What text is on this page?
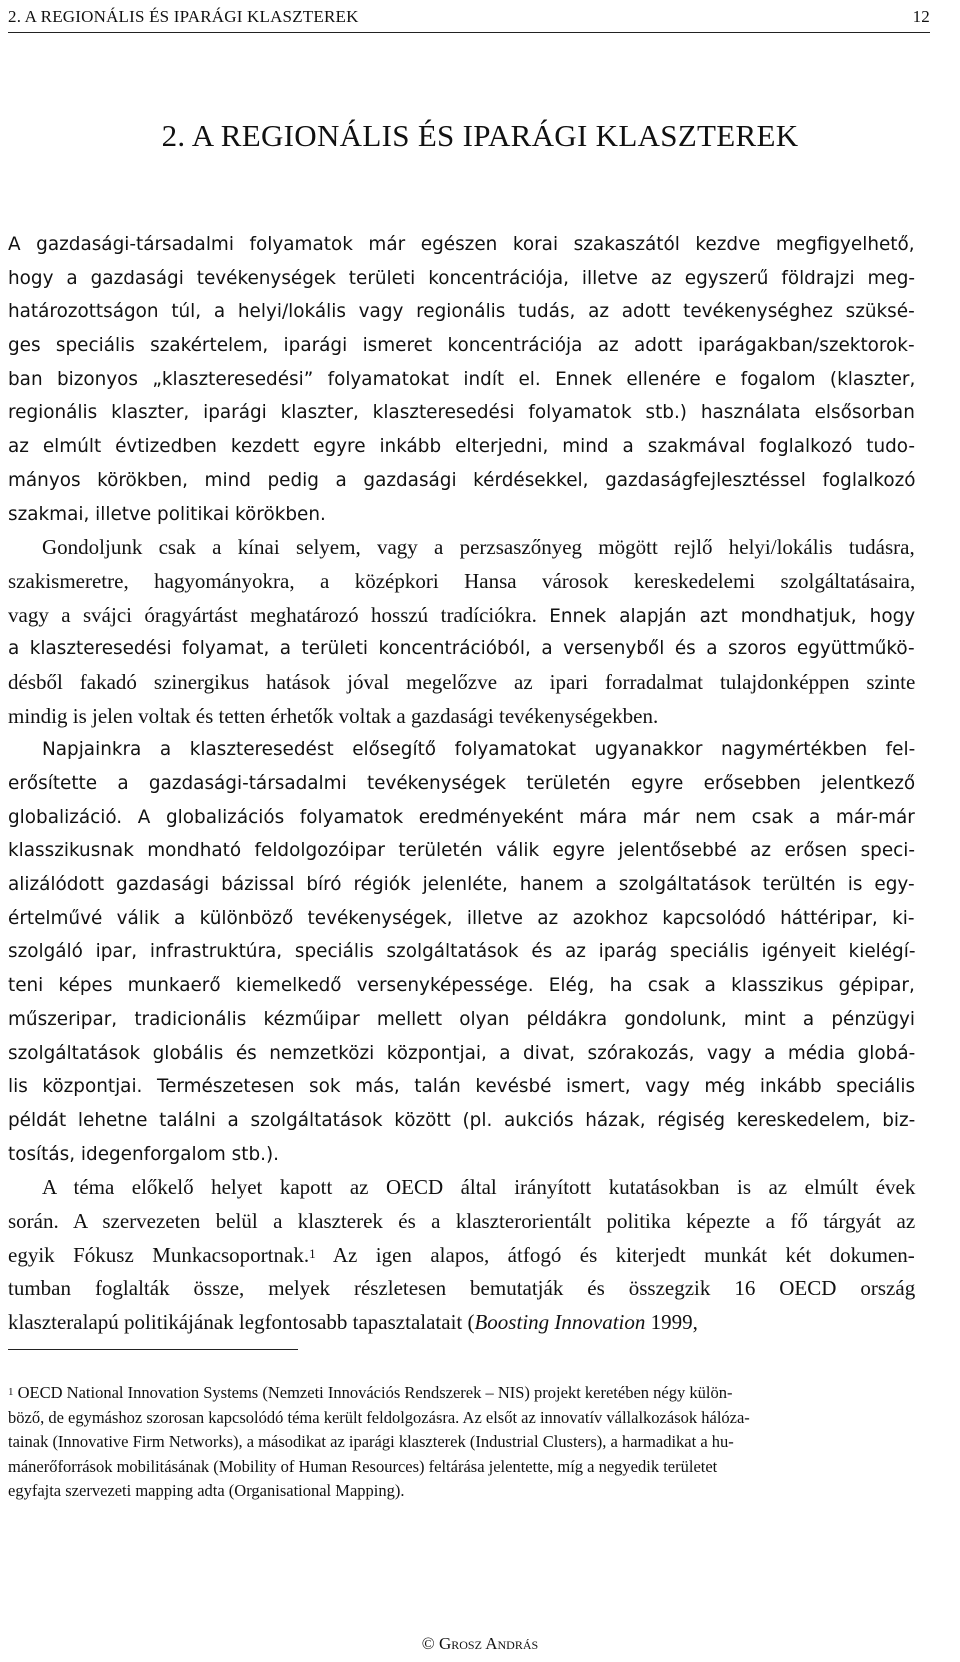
2. A REGIONÁLIS ÉS IPARÁGI KLASZTEREK	12
2. A REGIONÁLIS ÉS IPARÁGI KLASZTEREK
A gazdasági-társadalmi folyamatok már egészen korai szakaszától kezdve megfigyelhető,
hogy a gazdasági tevékenységek területi koncentrációja, illetve az egyszerű földrajzi meg-
határozottságon túl, a helyi/lokális vagy regionális tudás, az adott tevékenységhez szüksé-
ges speciális szakértelem, iparági ismeret koncentrációja az adott iparágakban/szektorok-
ban bizonyos „klaszteresedési” folyamatokat indít el. Ennek ellenére e fogalom (klaszter,
regionális klaszter, iparági klaszter, klaszteresedési folyamatok stb.) használata elsősorban
az elmúlt évtizedben kezdett egyre inkább elterjedni, mind a szakmával foglalkozó tudo-
mányos körökben, mind pedig a gazdasági kérdésekkel, gazdaságfejlesztéssel foglalkozó
szakmai, illetve politikai körökben.
Gondoljunk csak a kínai selyem, vagy a perzsaszőnyeg mögött rejlő helyi/lokális tudásra,
szakismeretre, hagyományokra, a középkori Hansa városok kereskedelemi szolgáltatásaira,
vagy a svájci óragyártást meghatározó hosszú tradíciókra. Ennek alapján azt mondhatjuk, hogy
a klaszteresedési folyamat, a területi koncentrációból, a versenyből és a szoros együttműkö-
désből fakadó szinergikus hatások jóval megelőzve az ipari forradalmat tulajdonképpen szinte
mindig is jelen voltak és tetten érhetők voltak a gazdasági tevékenységekben.
Napjainkra a klaszteresedést elősegítő folyamatokat ugyanakkor nagymértékben fel-
erősítette a gazdasági-társadalmi tevékenységek területén egyre erősebben jelentkező
globalizáció. A globalizációs folyamatok eredményeként mára már nem csak a már-már
klasszikusnak mondható feldolgozóipar területén válik egyre jelentősebbé az erősen speci-
alizálódott gazdasági bázissal bíró régiók jelenléte, hanem a szolgáltatások terültén is egy-
értelművé válik a különböző tevékenységek, illetve az azokhoz kapcsolódó háttéripar, ki-
szolgáló ipar, infrastruktúra, speciális szolgáltatások és az iparág speciális igényeit kielégí-
teni képes munkaerő kiemelkedő versenyképessége. Elég, ha csak a klasszikus gépipar,
műszeripar, tradicionális kézműipar mellett olyan példákra gondolunk, mint a pénzügyi
szolgáltatások globális és nemzetközi központjai, a divat, szórakozás, vagy a média globá-
lis központjai. Természetesen sok más, talán kevésbé ismert, vagy még inkább speciális
példát lehetne találni a szolgáltatások között (pl. aukciós házak, régiség kereskedelem, biz-
tosítás, idegenforgalom stb.).
A téma előkelő helyet kapott az OECD által irányított kutatásokban is az elmúlt évek
során. A szervezeten belül a klaszterek és a klaszterorientált politika képezte a fő tárgyát az
egyik Fókusz Munkacsoportnak.$^1$ Az igen alapos, átfogó és kiterjedt munkát két dokumen-
tumban foglalták össze, melyek részletesen bemutatják és összegzik 16 OECD ország
klaszteralapú politikájának legfontosabb tapasztalatait (Boosting Innovation 1999,
$^1$ OECD National Innovation Systems (Nemzeti Innovációs Rendszerek – NIS) projekt keretében négy külön-
böző, de egymáshoz szorosan kapcsolódó téma került feldolgozásra. Az elsőt az innovatív vállalkozások hálóza-
tainak (Innovative Firm Networks), a másodikat az iparági klaszterek (Industrial Clusters), a harmadikat a hu-
mánerőforrások mobilitásának (Mobility of Human Resources) feltárása jelentette, míg a negyedik területet
egyfajta szervezeti mapping adta (Organisational Mapping).
© Grosz András
